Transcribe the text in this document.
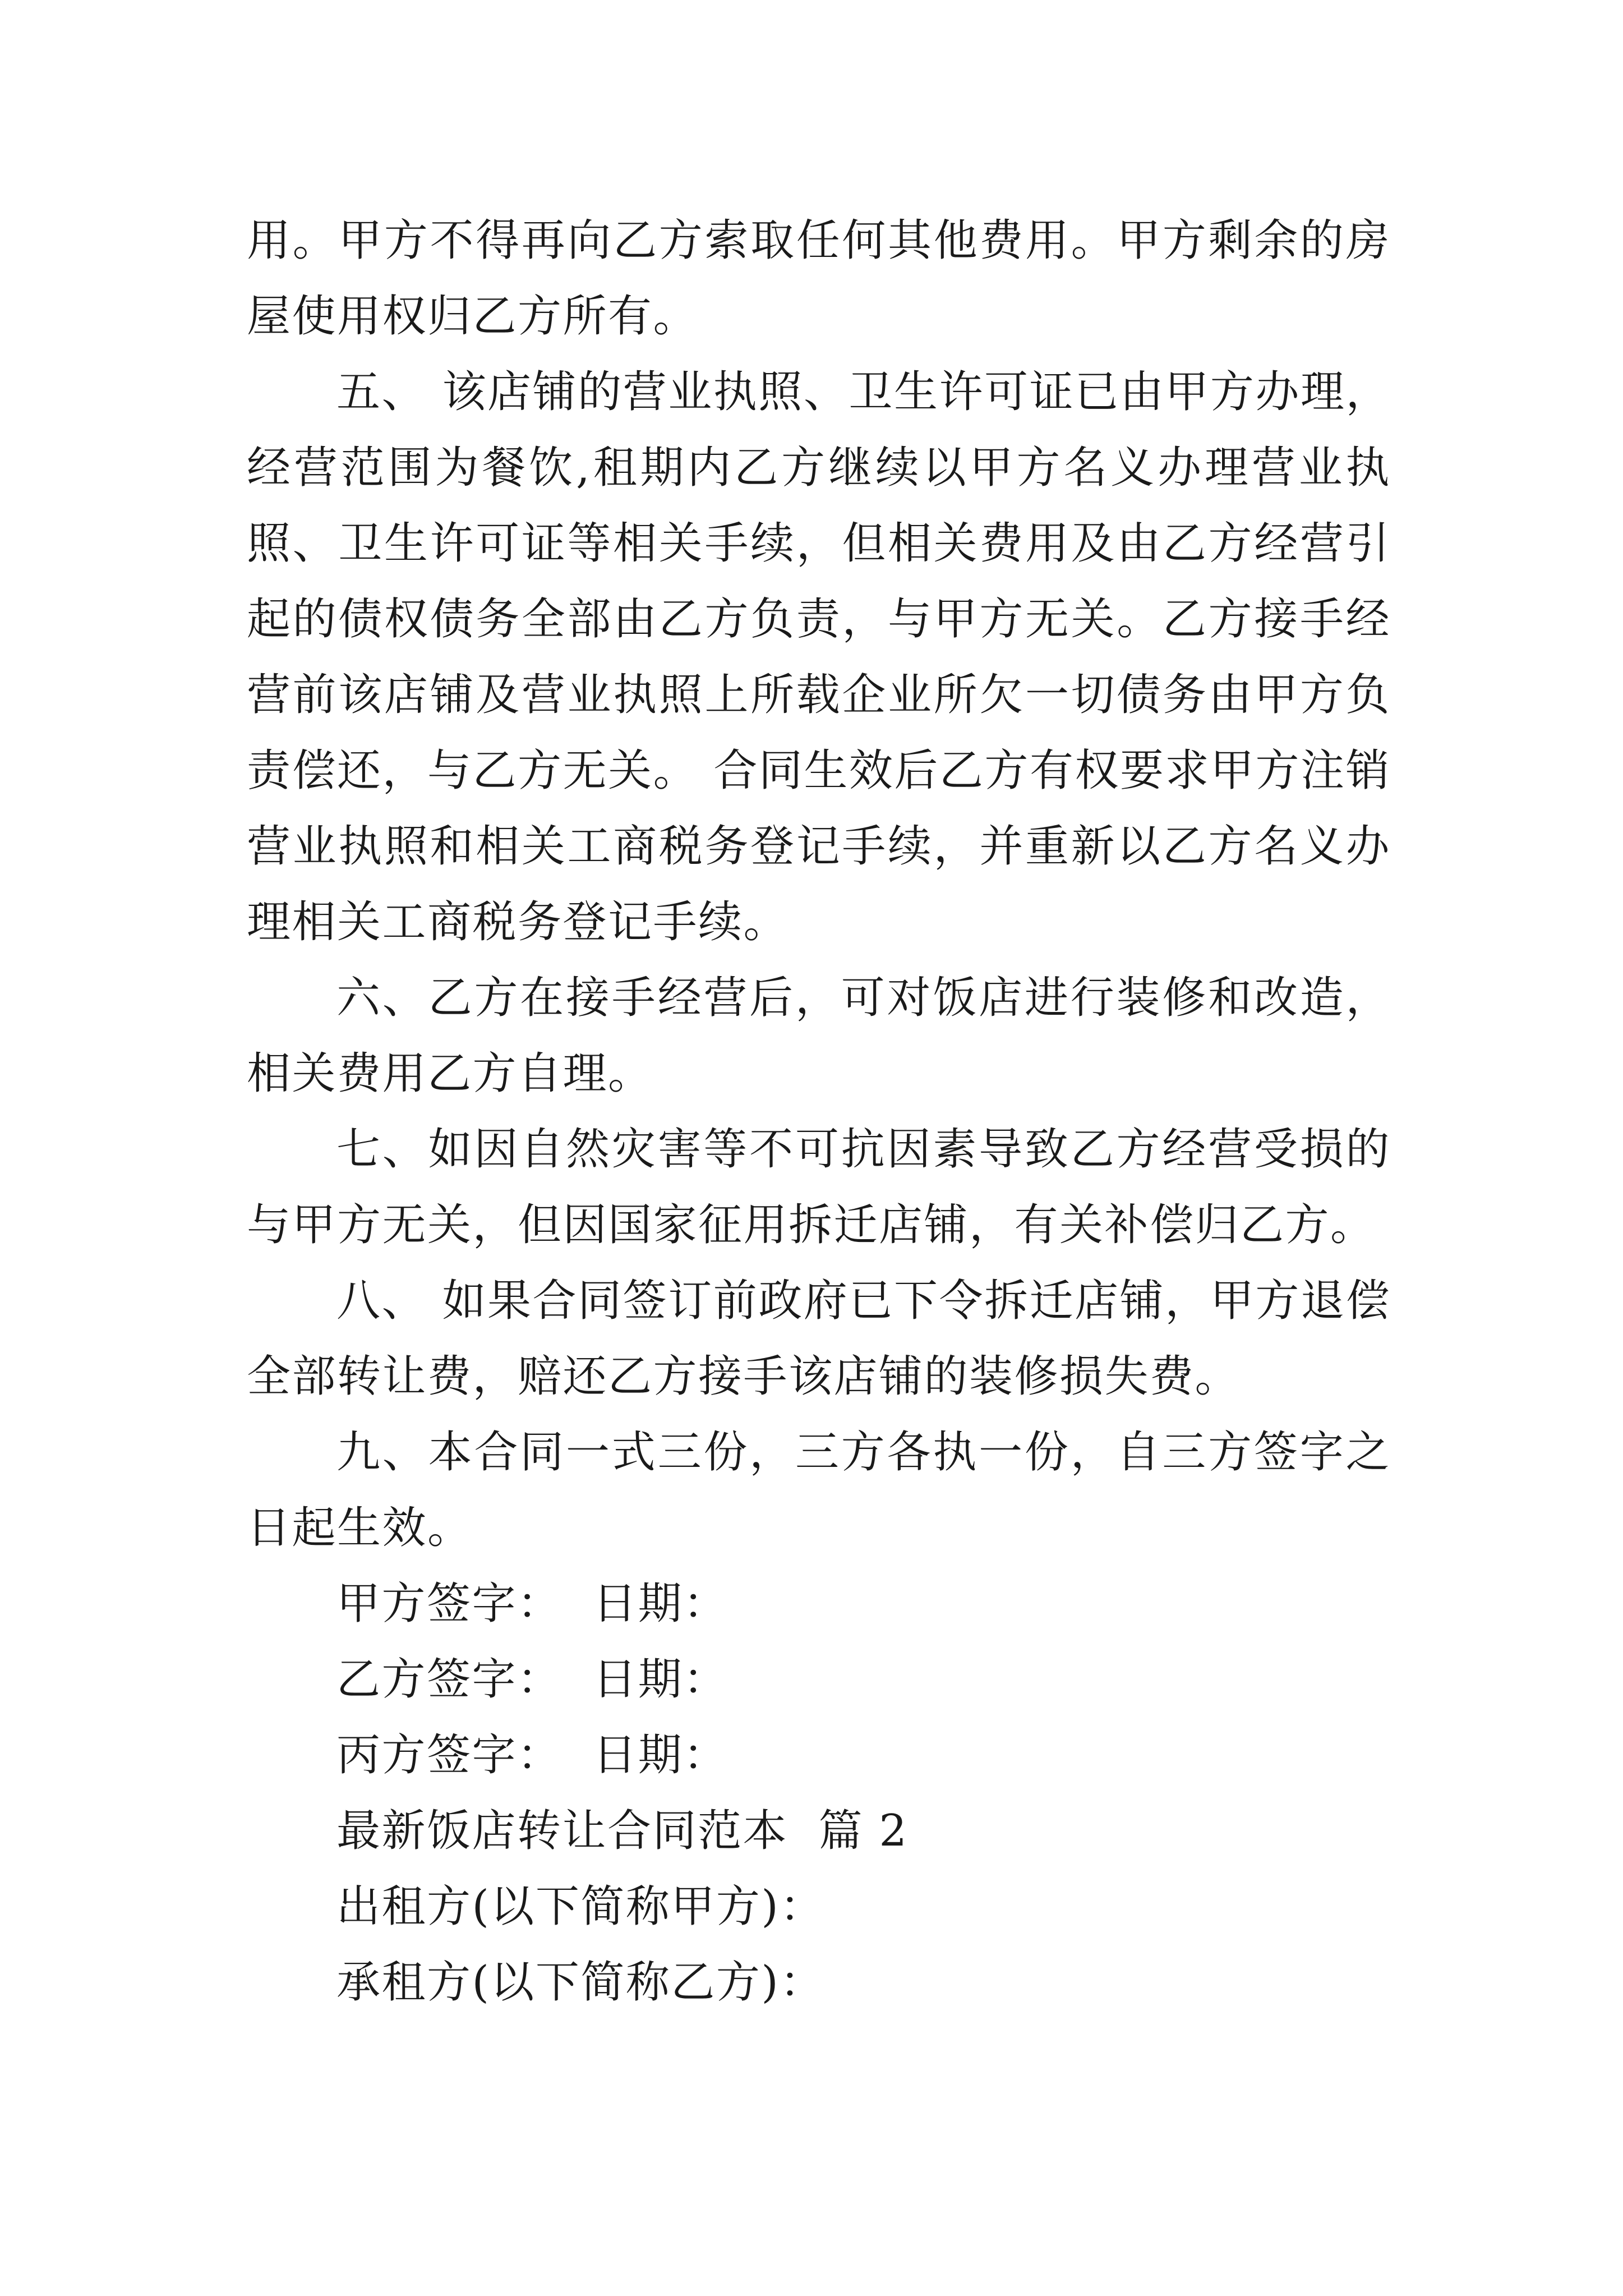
用。甲方不得再向乙方索取任何其他费用。甲方剩余的房屋使用权归乙方所有。

五、 该店铺的营业执照、卫生许可证已由甲方办理，经营范围为餐饮,租期内乙方继续以甲方名义办理营业执照、卫生许可证等相关手续，但相关费用及由乙方经营引起的债权债务全部由乙方负责，与甲方无关。乙方接手经营前该店铺及营业执照上所载企业所欠一切债务由甲方负责偿还，与乙方无关。 合同生效后乙方有权要求甲方注销营业执照和相关工商税务登记手续，并重新以乙方名义办理相关工商税务登记手续。

六、乙方在接手经营后，可对饭店进行装修和改造，相关费用乙方自理。

七、如因自然灾害等不可抗因素导致乙方经营受损的与甲方无关，但因国家征用拆迁店铺，有关补偿归乙方。

八、 如果合同签订前政府已下令拆迁店铺，甲方退偿全部转让费，赔还乙方接手该店铺的装修损失费。

九、本合同一式三份，三方各执一份，自三方签字之日起生效。

甲方签字：  日期：

乙方签字：  日期：

丙方签字：  日期：

最新饭店转让合同范本  篇 2

出租方(以下简称甲方)：

承租方(以下简称乙方)：
